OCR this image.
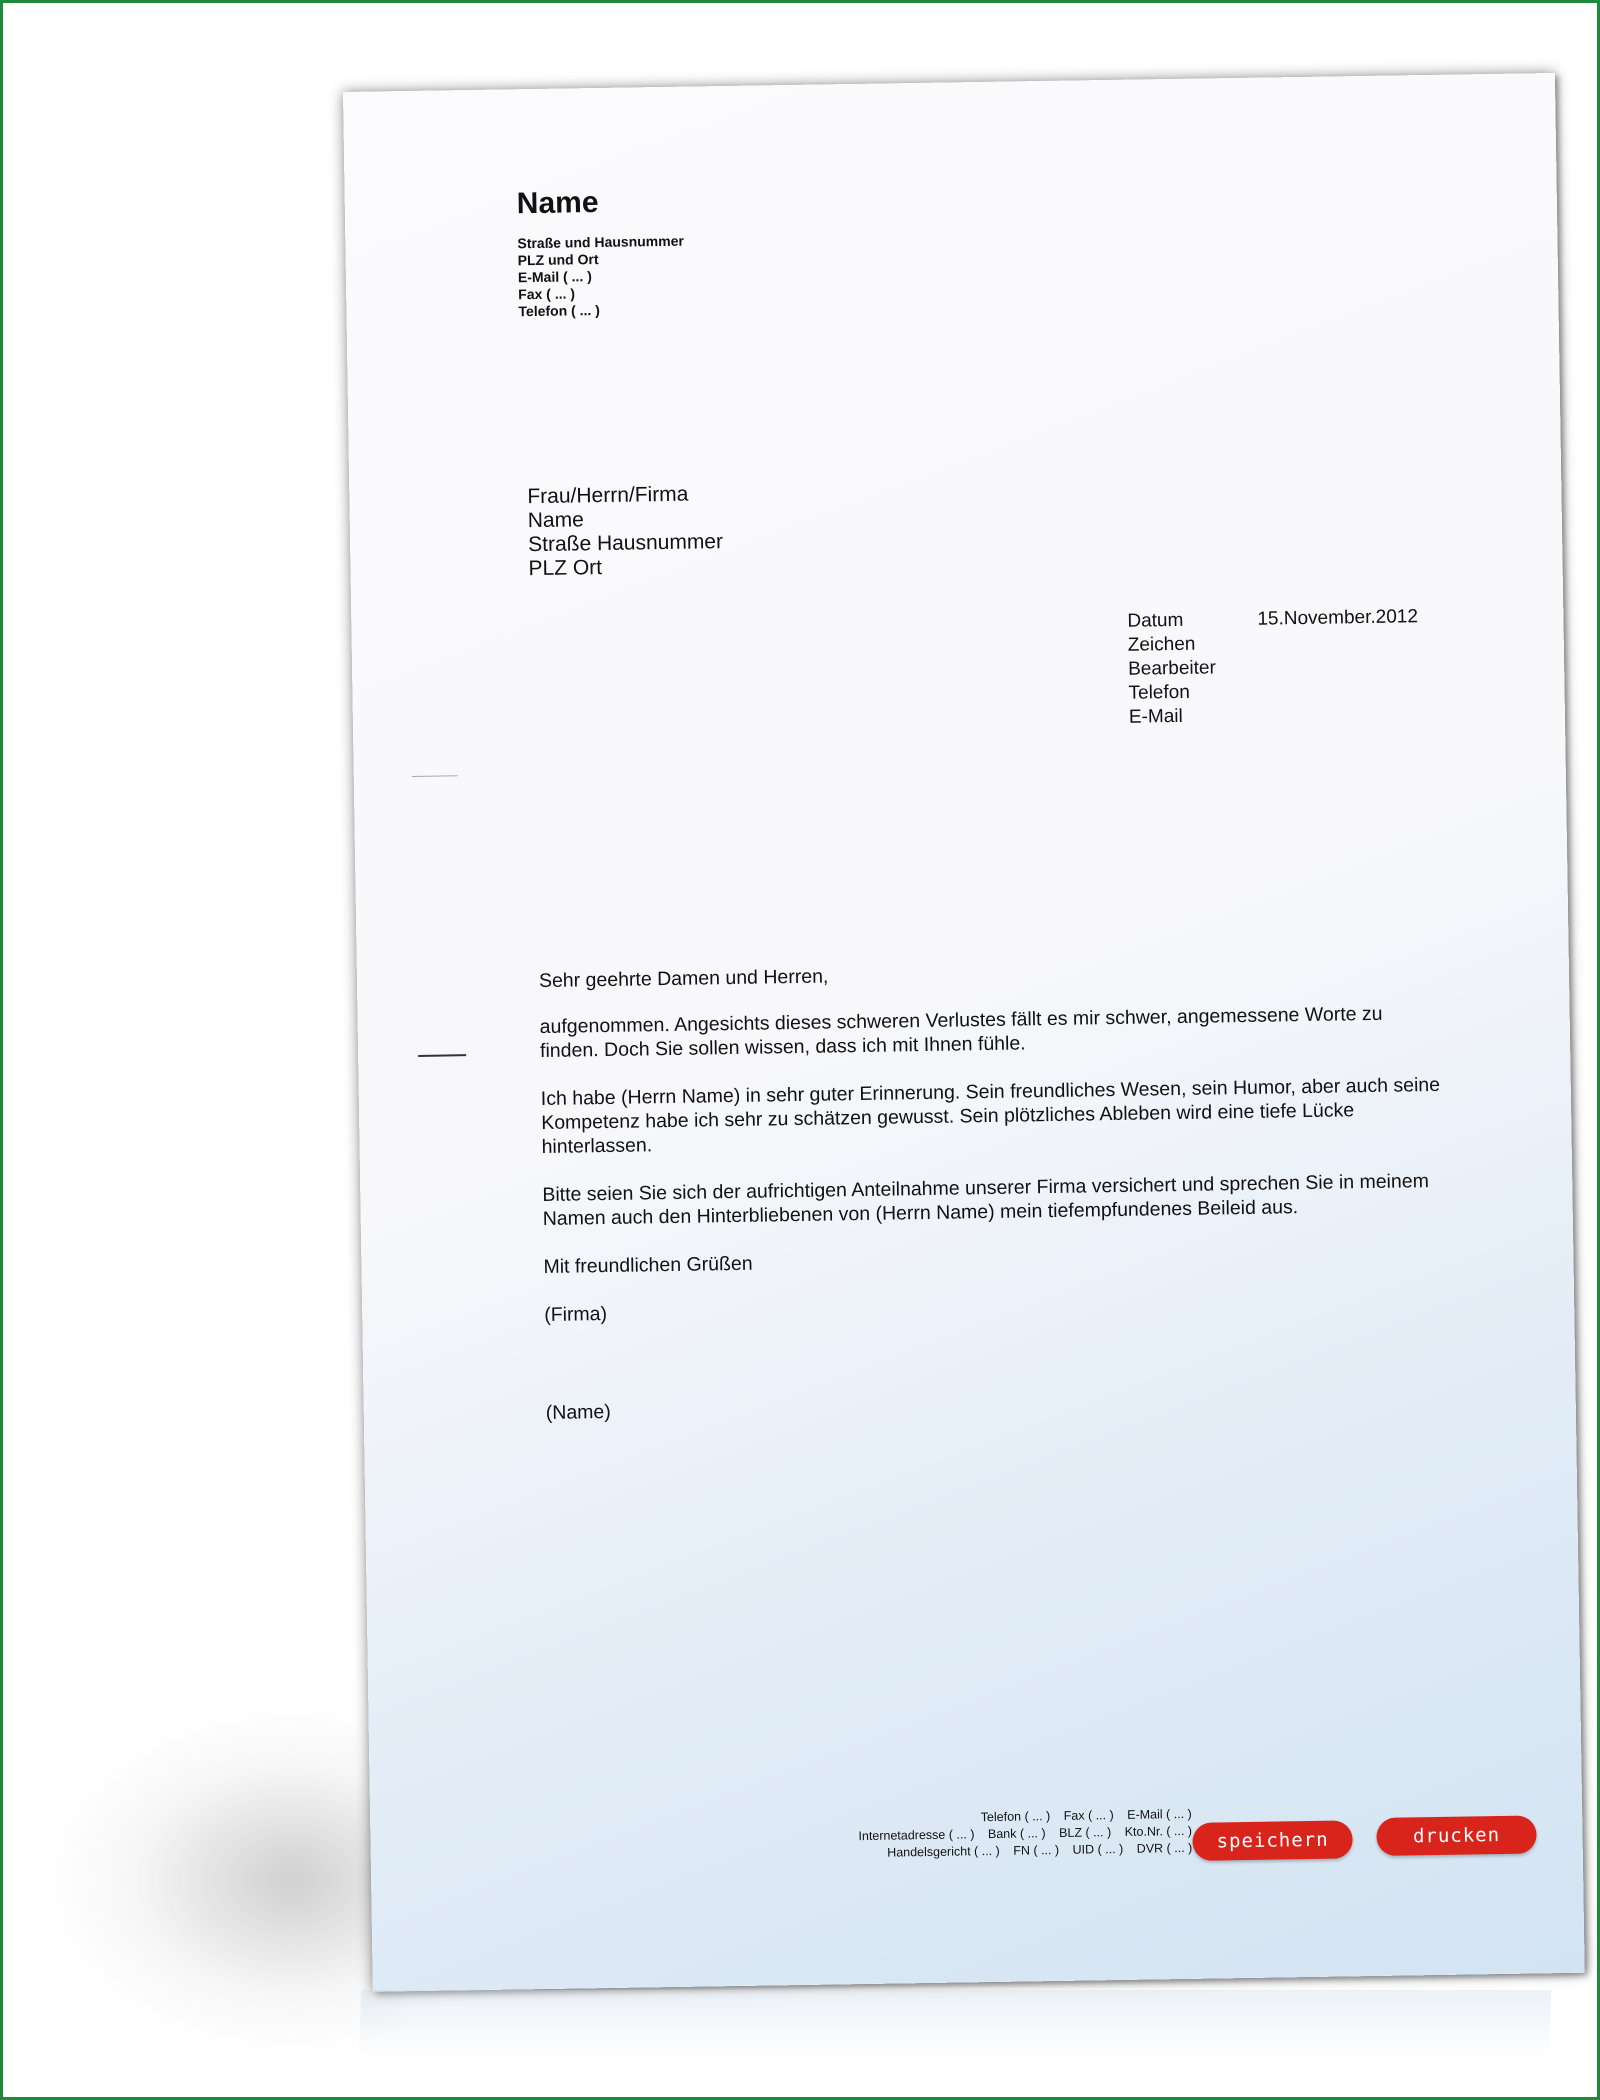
Name
Straße und Hausnummer
PLZ und Ort
E-Mail ( ... )
Fax ( ... )
Telefon ( ... )
Frau/Herrn/Firma
Name
Straße Hausnummer
PLZ Ort
Datum
Zeichen
Bearbeiter
Telefon
E-Mail
15.November.2012

Sehr geehrte Damen und Herren,

aufgenommen. Angesichts dieses schweren Verlustes fällt es mir schwer, angemessene Worte zu finden. Doch Sie sollen wissen, dass ich mit Ihnen fühle.

Ich habe (Herrn Name) in sehr guter Erinnerung. Sein freundliches Wesen, sein Humor, aber auch seine Kompetenz habe ich sehr zu schätzen gewusst. Sein plötzliches Ableben wird eine tiefe Lücke hinterlassen.

Bitte seien Sie sich der aufrichtigen Anteilnahme unserer Firma versichert und sprechen Sie in meinem Namen auch den Hinterbliebenen von (Herrn Name) mein tiefempfundenes Beileid aus.

Mit freundlichen Grüßen

(Firma)

(Name)

Telefon ( ... ) Fax ( ... ) E-Mail ( ... )
Internetadresse ( ... ) Bank ( ... ) BLZ ( ... ) Kto.Nr. ( ... )
Handelsgericht ( ... ) FN ( ... ) UID ( ... ) DVR ( ... )	speichern	drucken
